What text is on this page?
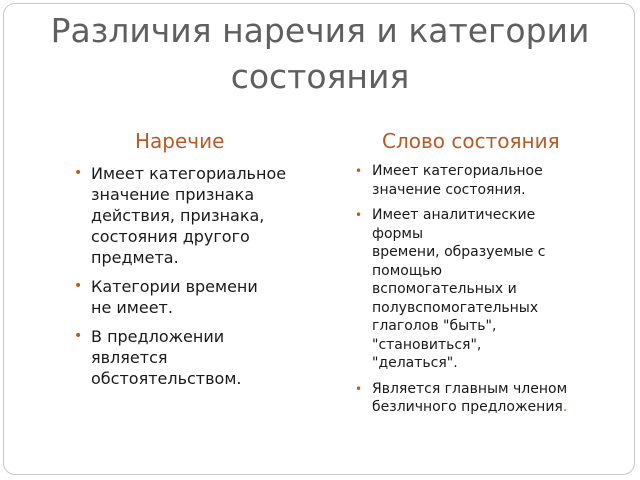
Различия наречия и категории
состояния
Наречие	Слово состояния
• Имеет категориальное
значение признака
действия, признака,
состояния другого
предмета.
• Категории времени
не имеет.
• В предложении
является
обстоятельством.
• Имеет категориальное
значение состояния.
• Имеет аналитические
формы
времени, образуемые с
помощью
вспомогательных и
полувспомогательных
глаголов "быть",
"становиться",
"делаться".
• Является главным членом
безличного предложения.
